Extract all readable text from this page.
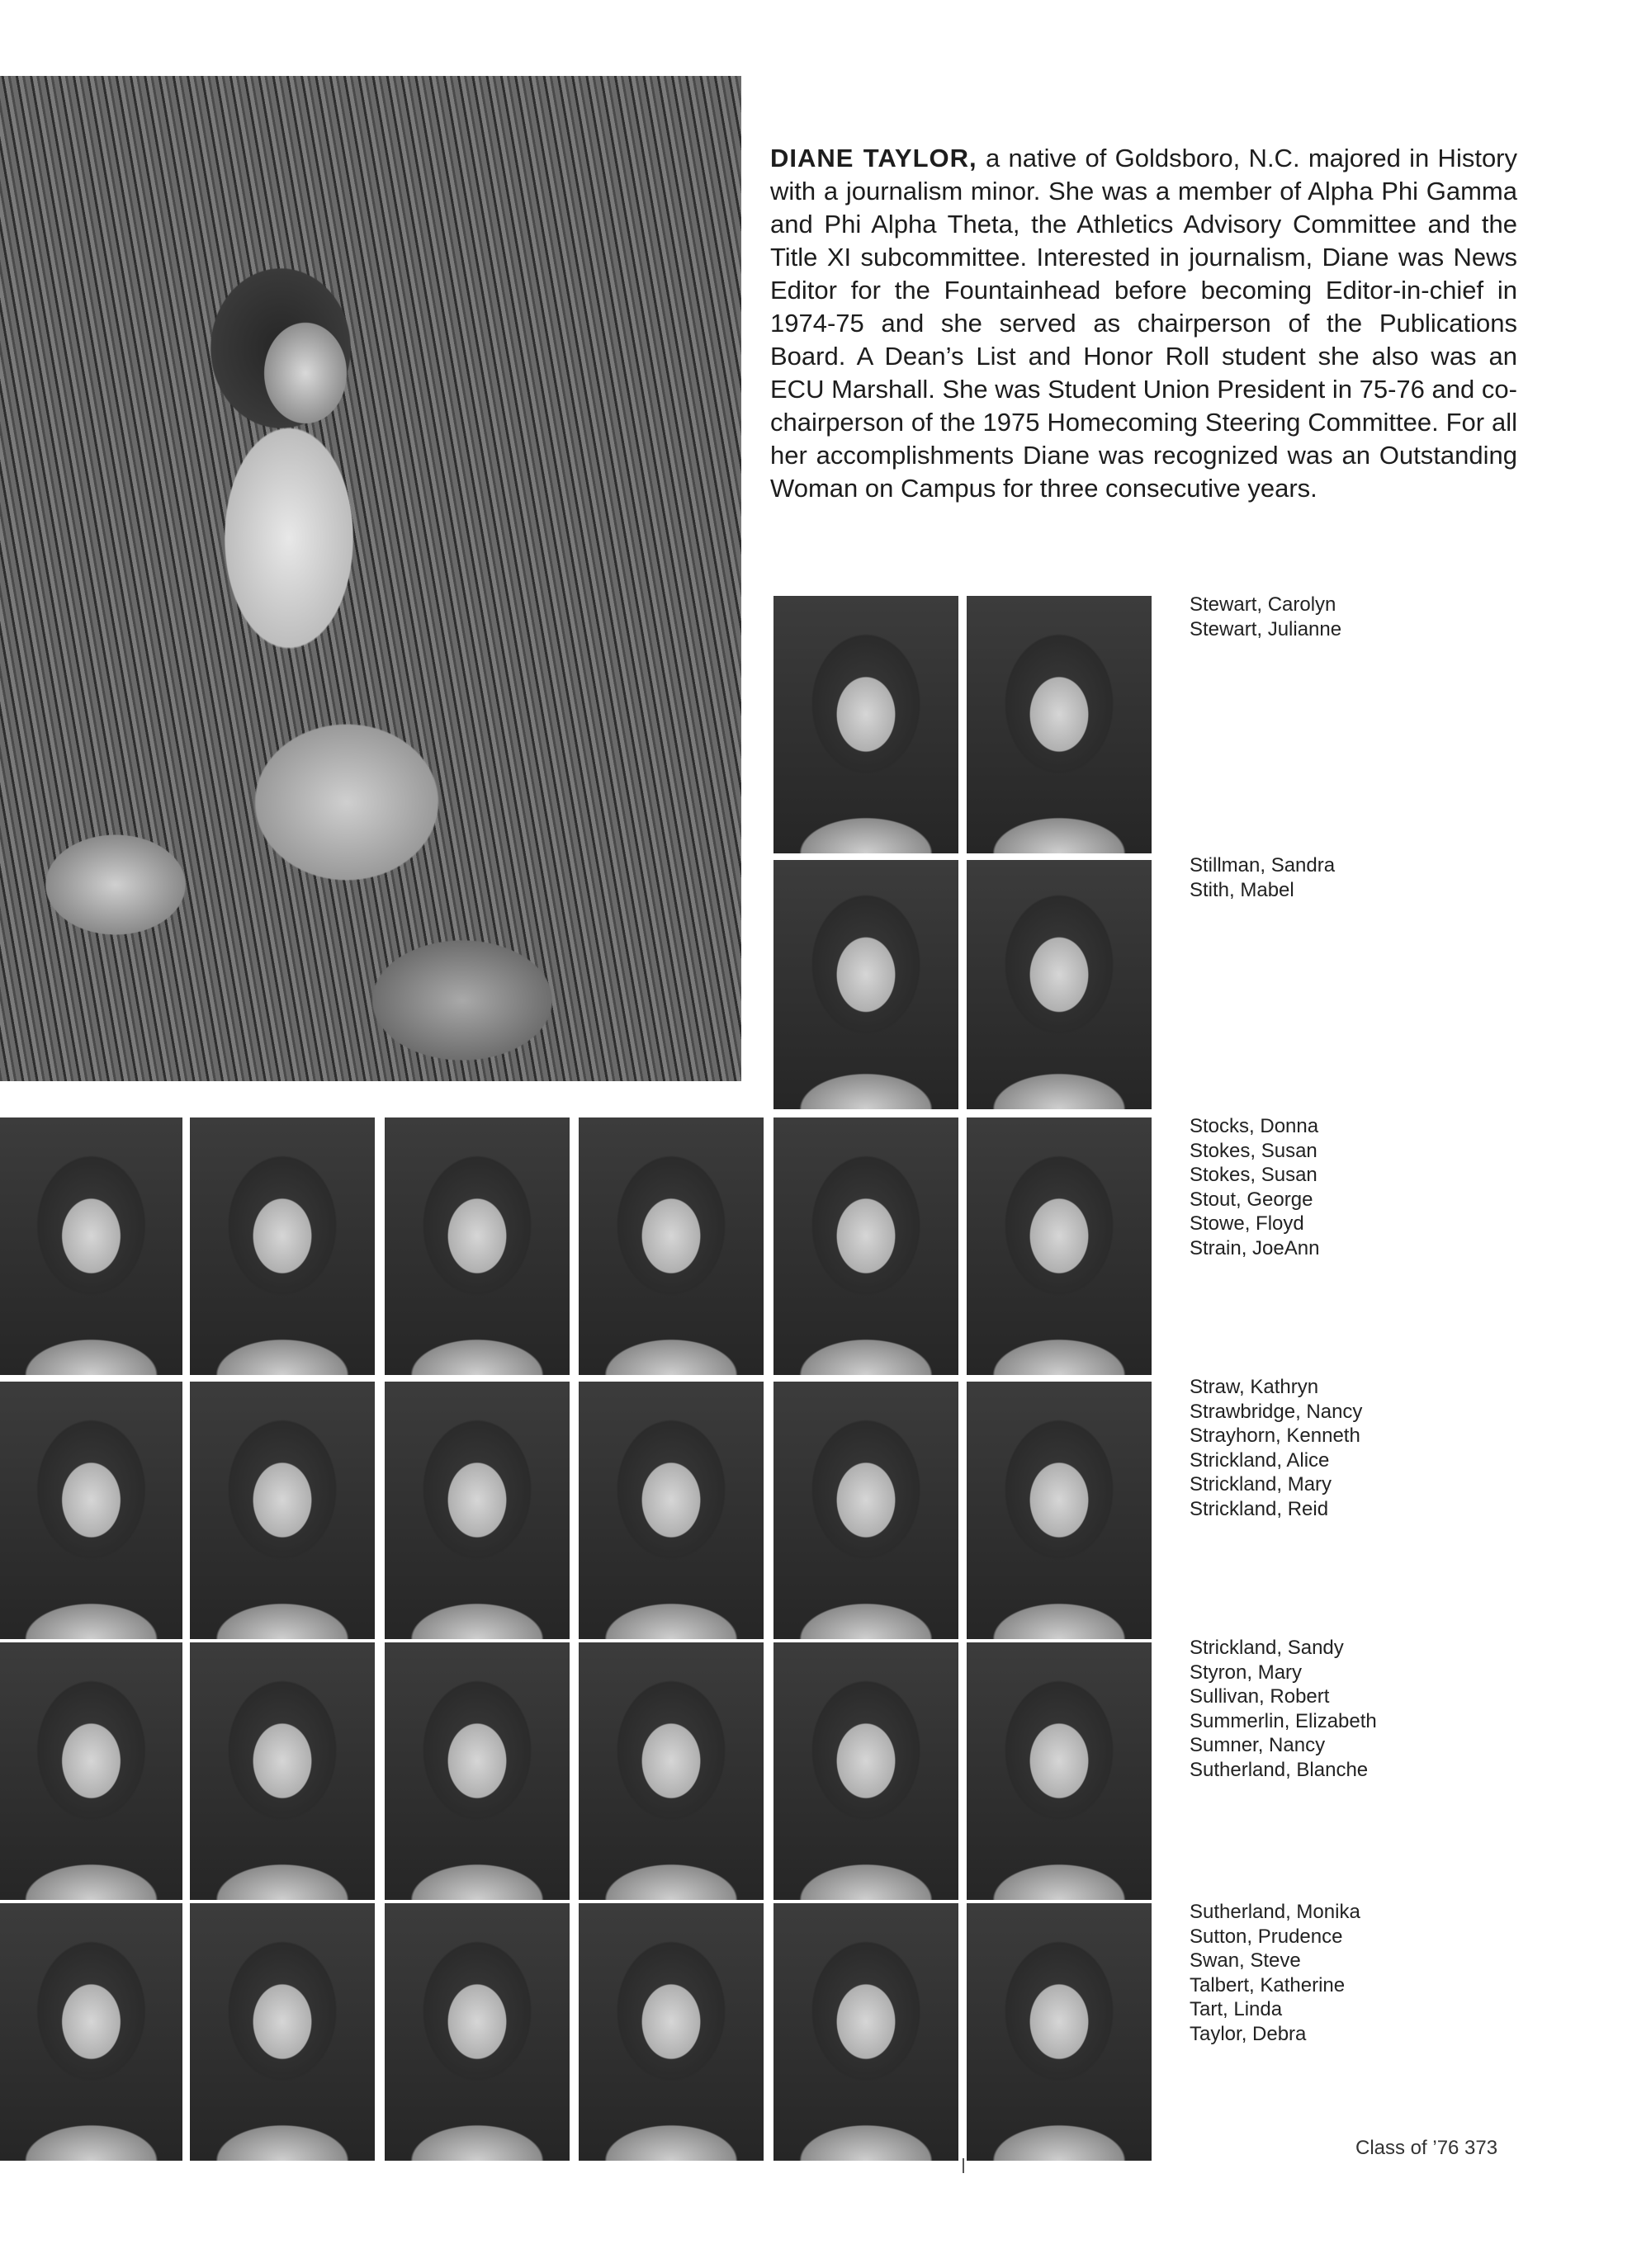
DIANE TAYLOR, a native of Goldsboro, N.C. majored in History with a journalism minor. She was a member of Alpha Phi Gamma and Phi Alpha Theta, the Athletics Advisory Committee and the Title XI subcommittee. Interested in journalism, Diane was News Editor for the Fountainhead before becoming Editor-in-chief in 1974-75 and she served as chairperson of the Publications Board. A Dean’s List and Honor Roll student she also was an ECU Marshall. She was Student Union President in 75-76 and co-chairperson of the 1975 Homecoming Steering Committee. For all her accomplishments Diane was recognized was an Outstanding Woman on Campus for three consecutive years.

Stewart, Carolyn
Stewart, Julianne
Stillman, Sandra
Stith, Mabel
Stocks, Donna
Stokes, Susan
Stokes, Susan
Stout, George
Stowe, Floyd
Strain, JoeAnn
Straw, Kathryn
Strawbridge, Nancy
Strayhorn, Kenneth
Strickland, Alice
Strickland, Mary
Strickland, Reid
Strickland, Sandy
Styron, Mary
Sullivan, Robert
Summerlin, Elizabeth
Sumner, Nancy
Sutherland, Blanche
Sutherland, Monika
Sutton, Prudence
Swan, Steve
Talbert, Katherine
Tart, Linda
Taylor, Debra
Class of ’76 373
